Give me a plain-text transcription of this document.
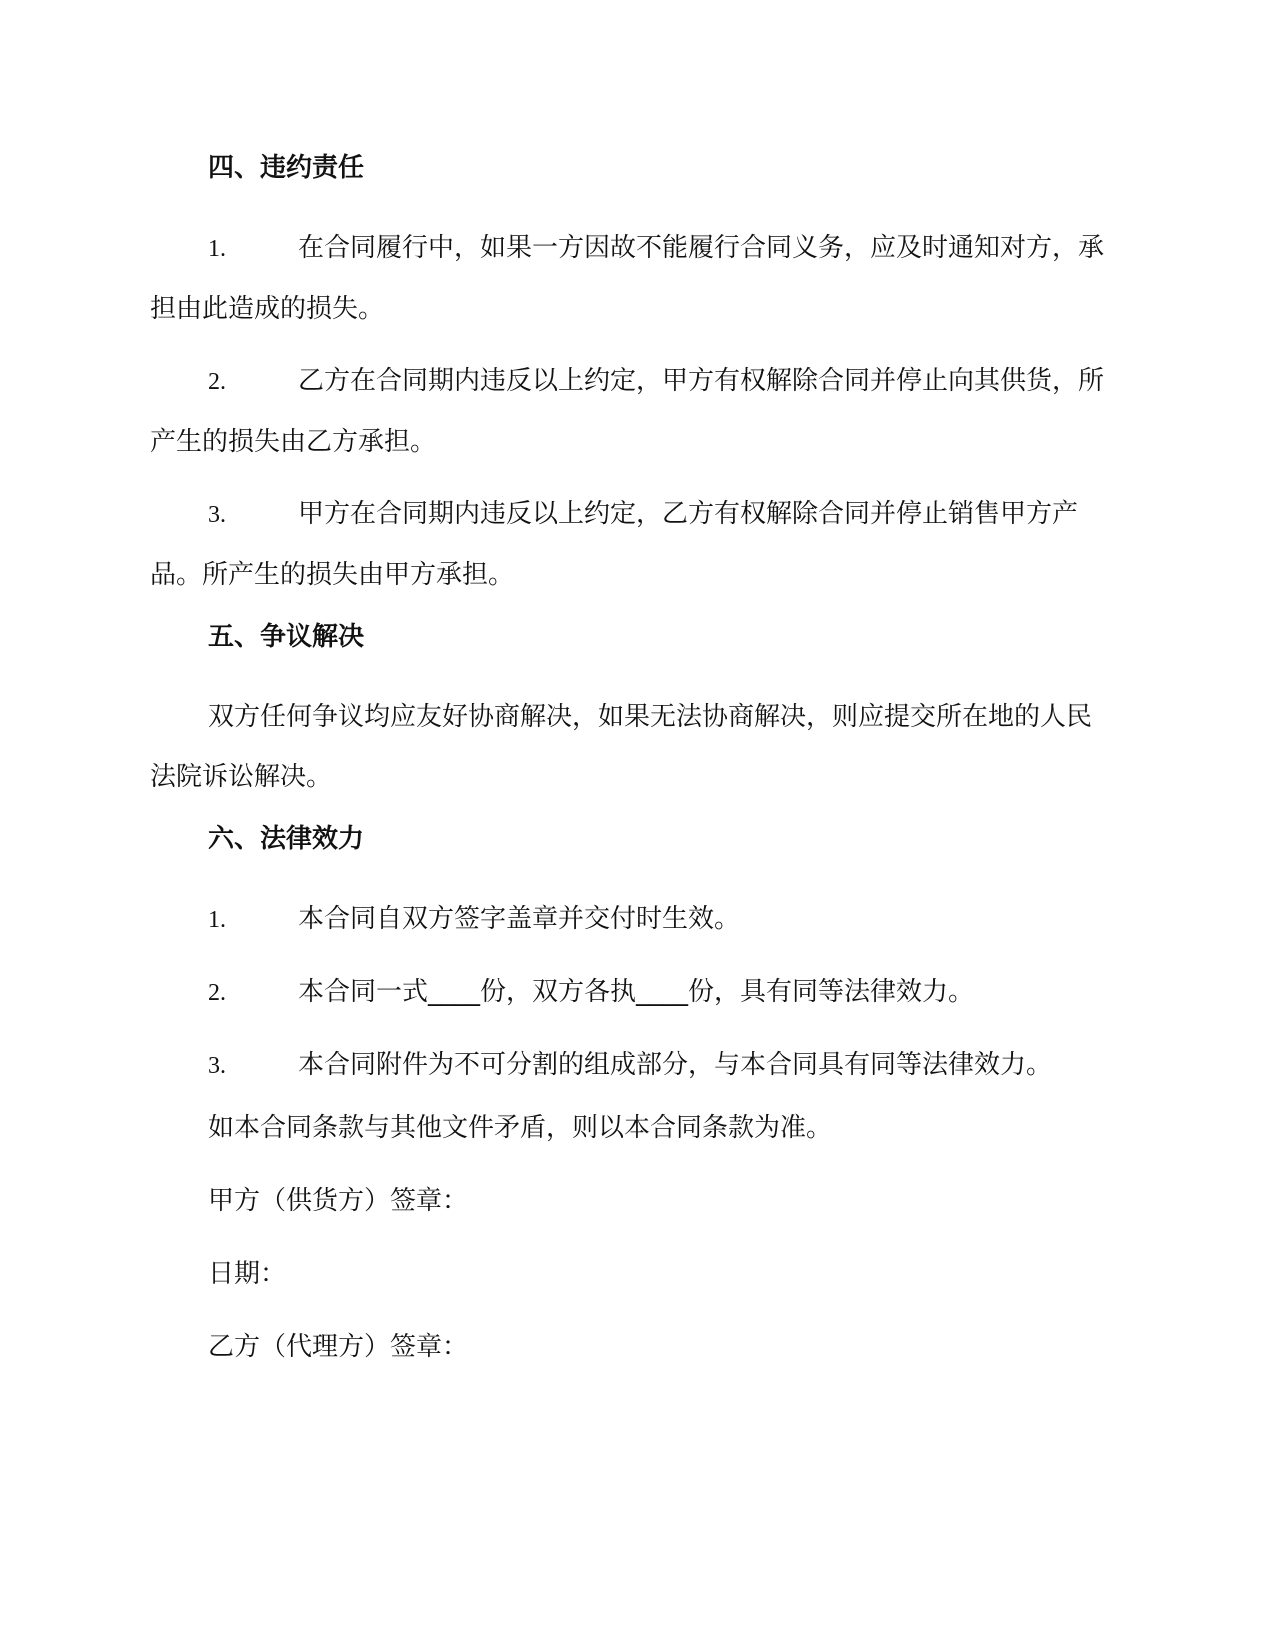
四、违约责任
1.	在合同履行中，如果一方因故不能履行合同义务，应及时通知对方，承担由此造成的损失。
2.	乙方在合同期内违反以上约定，甲方有权解除合同并停止向其供货，所产生的损失由乙方承担。
3.	甲方在合同期内违反以上约定，乙方有权解除合同并停止销售甲方产品。所产生的损失由甲方承担。
五、争议解决
双方任何争议均应友好协商解决，如果无法协商解决，则应提交所在地的人民法院诉讼解决。
六、法律效力
1.	本合同自双方签字盖章并交付时生效。
2.	本合同一式____份，双方各执____份，具有同等法律效力。
3.	本合同附件为不可分割的组成部分，与本合同具有同等法律效力。
如本合同条款与其他文件矛盾，则以本合同条款为准。
甲方（供货方）签章：
日期：
乙方（代理方）签章：
